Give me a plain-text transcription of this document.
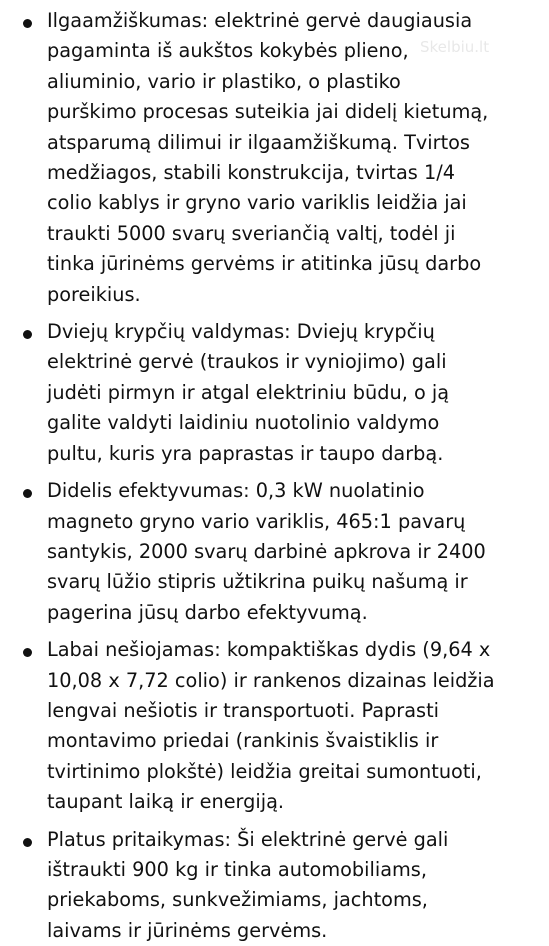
Skelbiu.lt
Ilgaamžiškumas: elektrinė gervė daugiausia
pagaminta iš aukštos kokybės plieno,
aliuminio, vario ir plastiko, o plastiko
purškimo procesas suteikia jai didelį kietumą,
atsparumą dilimui ir ilgaamžiškumą. Tvirtos
medžiagos, stabili konstrukcija, tvirtas 1/4
colio kablys ir gryno vario variklis leidžia jai
traukti 5000 svarų sveriančią valtį, todėl ji
tinka jūrinėms gervėms ir atitinka jūsų darbo
poreikius.
Dviejų krypčių valdymas: Dviejų krypčių
elektrinė gervė (traukos ir vyniojimo) gali
judėti pirmyn ir atgal elektriniu būdu, o ją
galite valdyti laidiniu nuotolinio valdymo
pultu, kuris yra paprastas ir taupo darbą.
Didelis efektyvumas: 0,3 kW nuolatinio
magneto gryno vario variklis, 465:1 pavarų
santykis, 2000 svarų darbinė apkrova ir 2400
svarų lūžio stipris užtikrina puikų našumą ir
pagerina jūsų darbo efektyvumą.
Labai nešiojamas: kompaktiškas dydis (9,64 x
10,08 x 7,72 colio) ir rankenos dizainas leidžia
lengvai nešiotis ir transportuoti. Paprasti
montavimo priedai (rankinis švaistiklis ir
tvirtinimo plokštė) leidžia greitai sumontuoti,
taupant laiką ir energiją.
Platus pritaikymas: Ši elektrinė gervė gali
ištraukti 900 kg ir tinka automobiliams,
priekaboms, sunkvežimiams, jachtoms,
laivams ir jūrinėms gervėms.
